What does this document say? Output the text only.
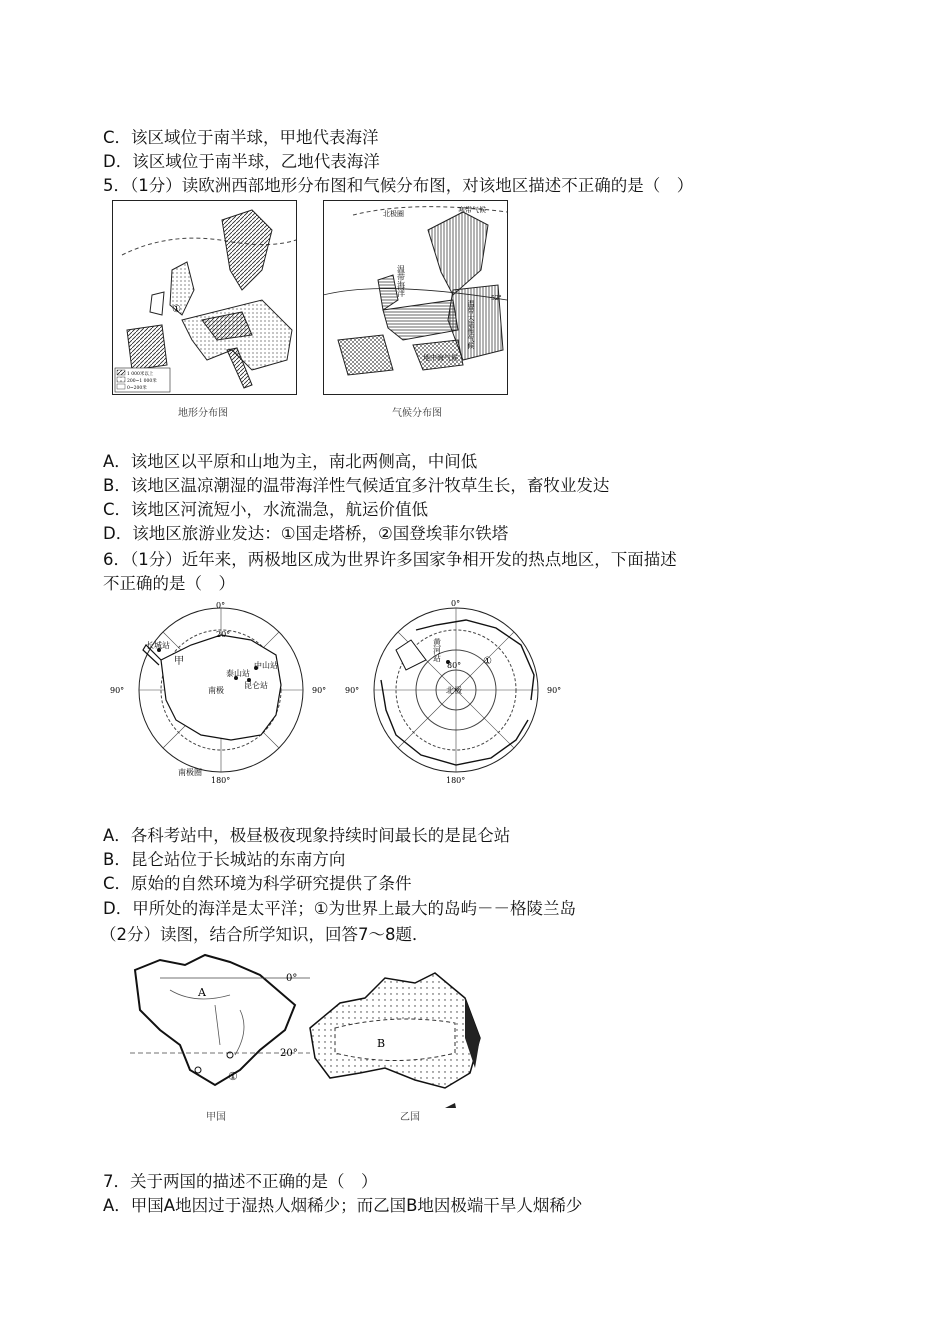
C．该区域位于南半球，甲地代表海洋
D．该区域位于南半球，乙地代表海洋
5．（1分）读欧洲西部地形分布图和气候分布图，对该地区描述不正确的是（　）
①
1 000米以上
200~1 000米
0~200米
地形分布图
北极圈	寒带气候
温带海洋
温带大陆性气候
地中海气候
52°
气候分布图
A．该地区以平原和山地为主，南北两侧高，中间低
B．该地区温凉潮湿的温带海洋性气候适宜多汁牧草生长，畜牧业发达
C．该地区河流短小，水流湍急，航运价值低
D．该地区旅游业发达：①国走塔桥，②国登埃菲尔铁塔
6．（1分）近年来，两极地区成为世界许多国家争相开发的热点地区，下面描述
不正确的是（　）
0°
180°
90°	90°
20°
南极
南极圈
长城站
泰山站
中山站
昆仑站
甲
0°
180°
90°	90°
80°
北极
黄河站	①
A．各科考站中，极昼极夜现象持续时间最长的是昆仑站
B．昆仑站位于长城站的东南方向
C．原始的自然环境为科学研究提供了条件
D．甲所处的海洋是太平洋；①为世界上最大的岛屿－－格陵兰岛
（2分）读图，结合所学知识，回答7～8题．
A
0°
20°
①
甲国
B
乙国
7．关于两国的描述不正确的是（　）
A．甲国A地因过于湿热人烟稀少；而乙国B地因极端干旱人烟稀少
